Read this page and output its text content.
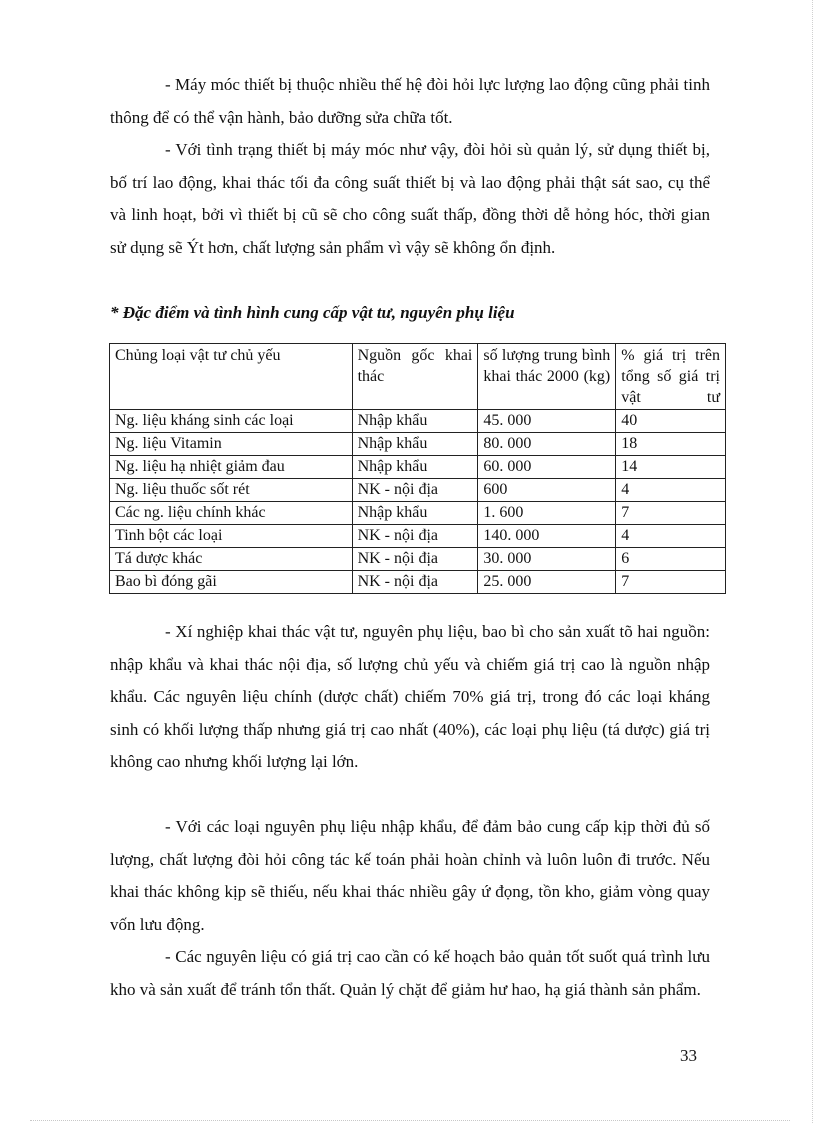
- Máy móc thiết bị thuộc nhiều thế hệ đòi hỏi lực lượng lao động cũng phải tinh thông để có thể vận hành, bảo dưỡng sửa chữa tốt.

- Với tình trạng thiết bị máy móc như vậy, đòi hỏi sù quản lý, sử dụng thiết bị, bố trí lao động, khai thác tối đa công suất thiết bị và lao động phải thật sát sao, cụ thể và linh hoạt, bởi vì thiết bị cũ sẽ cho công suất thấp, đồng thời dễ hỏng hóc, thời gian sử dụng sẽ Ýt hơn, chất lượng sản phẩm vì vậy sẽ không ổn định.

* Đặc điểm và tình hình cung cấp vật tư, nguyên phụ liệu

Chủng loại vật tư chủ yếu	Nguồn gốc khai thác	số lượng trung bình khai thác 2000 (kg)	% giá trị trên tổng số giá trị vật tư
Ng. liệu kháng sinh các loại	Nhập khẩu	45. 000	40
Ng. liệu Vitamin	Nhập khẩu	80. 000	18
Ng. liệu hạ nhiệt giảm đau	Nhập khẩu	60. 000	14
Ng. liệu thuốc sốt rét	NK - nội địa	600	4
Các ng. liệu chính khác	Nhập khẩu	1. 600	7
Tinh bột các loại	NK - nội địa	140. 000	4
Tá dược khác	NK - nội địa	30. 000	6
Bao bì đóng gãi	NK - nội địa	25. 000	7

- Xí nghiệp khai thác vật tư, nguyên phụ liệu, bao bì cho sản xuất tõ hai nguồn: nhập khẩu và khai thác nội địa, số lượng chủ yếu và chiếm giá trị cao là nguồn nhập khẩu. Các nguyên liệu chính (dược chất) chiếm 70% giá trị, trong đó các loại kháng sinh có khối lượng thấp nhưng giá trị cao nhất (40%), các loại phụ liệu (tá dược) giá trị không cao nhưng khối lượng lại lớn.

- Với các loại nguyên phụ liệu nhập khẩu, để đảm bảo cung cấp kịp thời đủ số lượng, chất lượng đòi hỏi công tác kế toán phải hoàn chỉnh và luôn luôn đi trước. Nếu khai thác không kịp sẽ thiếu, nếu khai thác nhiều gây ứ đọng, tồn kho, giảm vòng quay vốn lưu động.

- Các nguyên liệu có giá trị cao cần có kế hoạch bảo quản tốt suốt quá trình lưu kho và sản xuất để tránh tổn thất. Quản lý chặt để giảm hư hao, hạ giá thành sản phẩm.

33
